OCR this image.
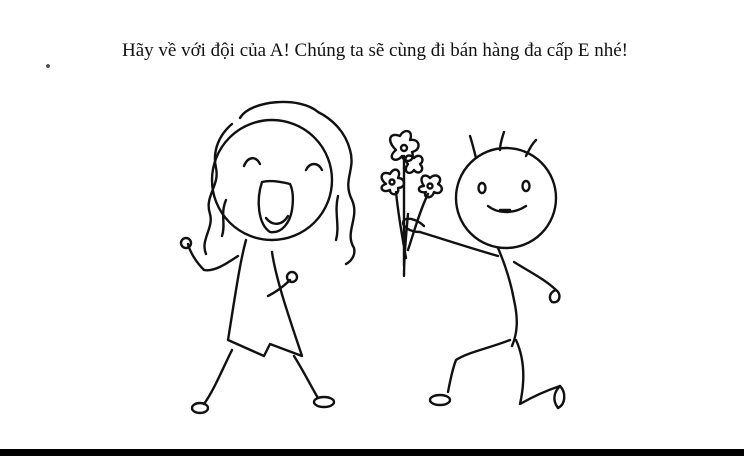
Hãy về với đội của A! Chúng ta sẽ cùng đi bán hàng đa cấp E nhé!
